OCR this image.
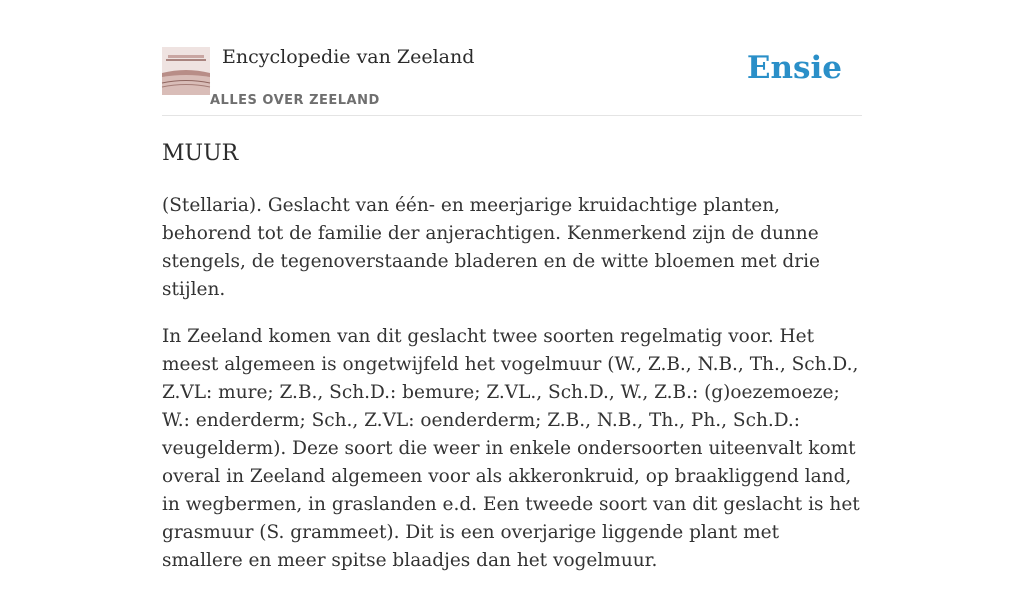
Encyclopedie van Zeeland
ALLES OVER ZEELAND
Ensie
MUUR

(Stellaria). Geslacht van één- en meerjarige kruidachtige planten, behorend tot de familie der anjerachtigen. Kenmerkend zijn de dunne stengels, de tegenoverstaande bladeren en de witte bloemen met drie stijlen.

In Zeeland komen van dit geslacht twee soorten regelmatig voor. Het meest algemeen is ongetwijfeld het vogelmuur (W., Z.B., N.B., Th., Sch.D., Z.VL: mure; Z.B., Sch.D.: bemure; Z.VL., Sch.D., W., Z.B.: (g)oezemoeze; W.: enderderm; Sch., Z.VL: oenderderm; Z.B., N.B., Th., Ph., Sch.D.: veugelderm). Deze soort die weer in enkele ondersoorten uiteenvalt komt overal in Zeeland algemeen voor als akkeronkruid, op braakliggend land, in wegbermen, in graslanden e.d. Een tweede soort van dit geslacht is het grasmuur (S. grammeet). Dit is een overjarige liggende plant met smallere en meer spitse blaadjes dan het vogelmuur.
